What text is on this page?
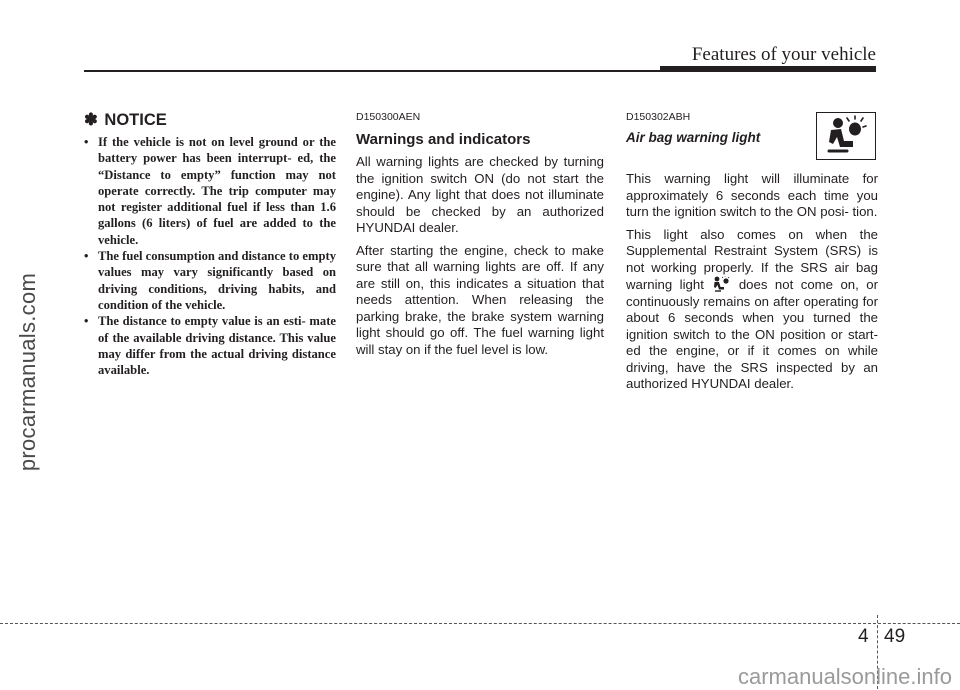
Features of your vehicle
procarmanuals.com
✽ NOTICE
• If the vehicle is not on level ground or the battery power has been interrupt- ed, the “Distance to empty” function may not operate correctly. The trip computer may not register additional fuel if less than 1.6 gallons (6 liters) of fuel are added to the vehicle.
• The fuel consumption and distance to empty values may vary significantly based on driving conditions, driving habits, and condition of the vehicle.
• The distance to empty value is an esti- mate of the available driving distance. This value may differ from the actual driving distance available.
D150300AEN
Warnings and indicators

All warning lights are checked by turning the ignition switch ON (do not start the engine). Any light that does not illuminate should be checked by an authorized HYUNDAI dealer.

After starting the engine, check to make sure that all warning lights are off. If any are still on, this indicates a situation that needs attention. When releasing the parking brake, the brake system warning light should go off. The fuel warning light will stay on if the fuel level is low.

D150302ABH
Air bag warning light

This warning light will illuminate for approximately 6 seconds each time you turn the ignition switch to the ON posi- tion.

This light also comes on when the Supplemental Restraint System (SRS) is not working properly. If the SRS air bag warning light	does not come on, or continuously remains on after operating for about 6 seconds when you turned the ignition switch to the ON position or start- ed the engine, or if it comes on while driving, have the SRS inspected by an authorized HYUNDAI dealer.

4 49
carmanualsonline.info
